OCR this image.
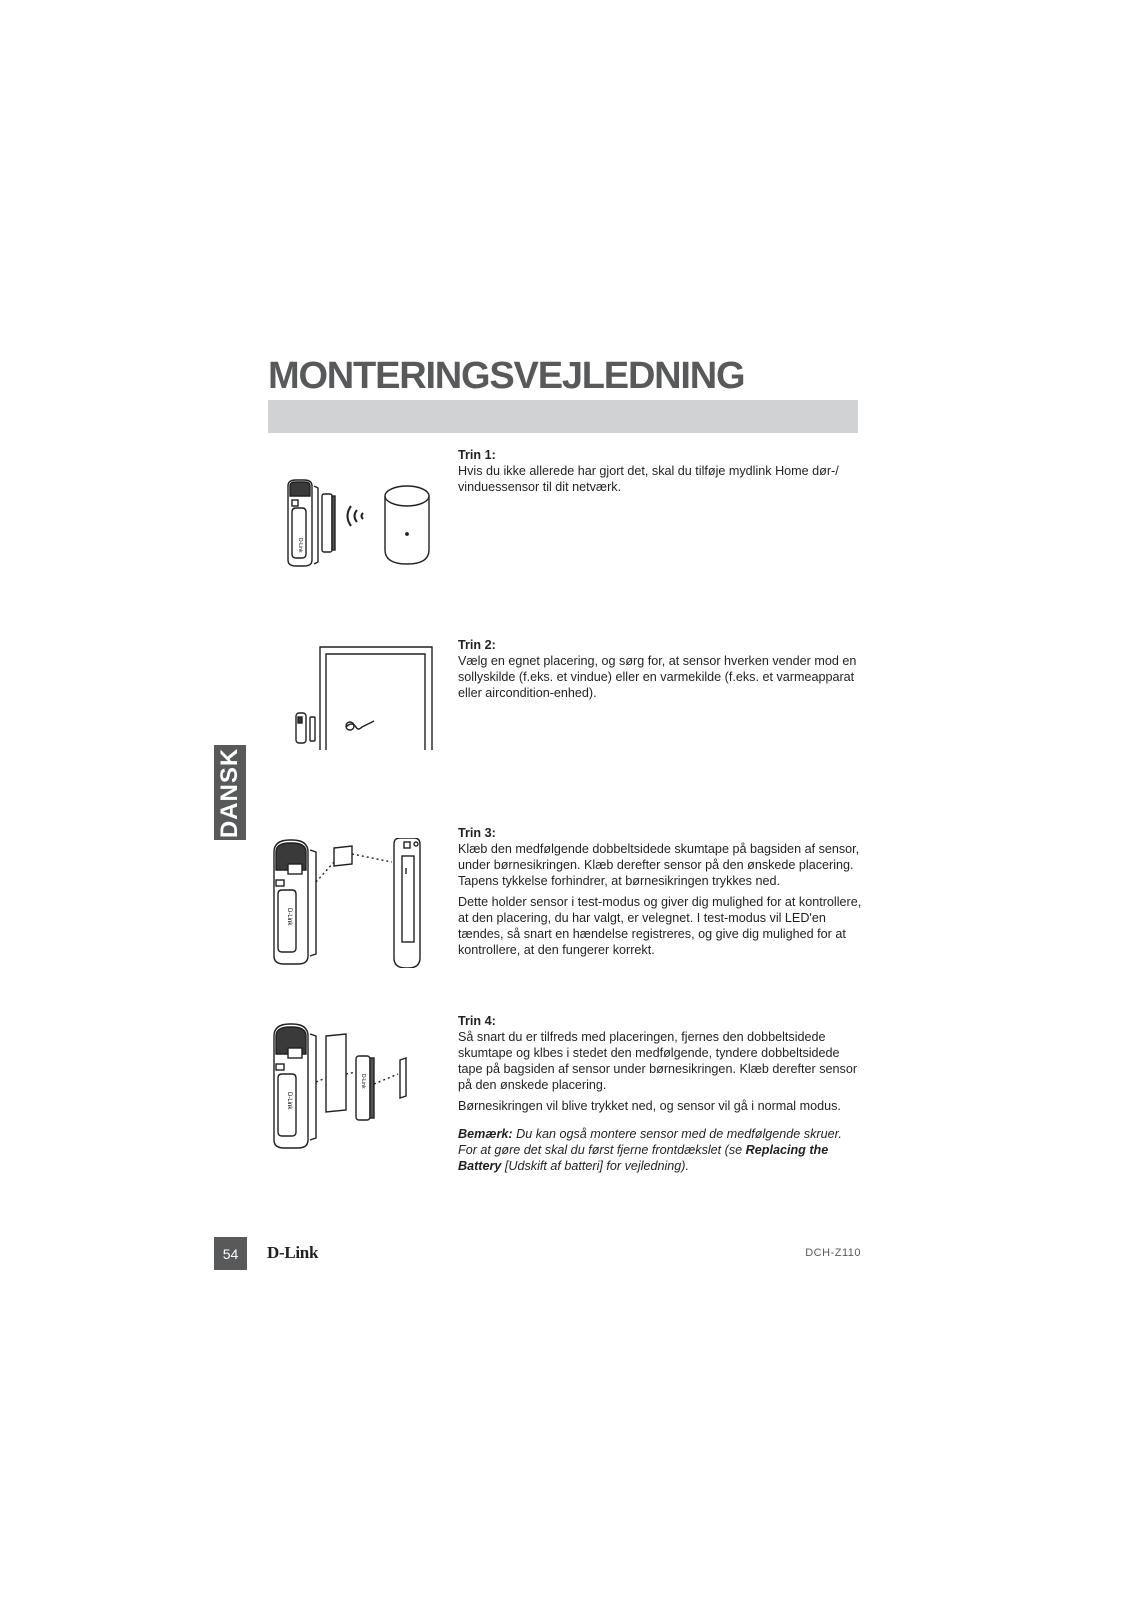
MONTERINGSVEJLEDNING
DANSK
D-Link
D-Link
D-Link
D-Link
Trin 1:

Hvis du ikke allerede har gjort det, skal du tilføje mydlink Home dør-/ vinduessensor til dit netværk.

Trin 2:

Vælg en egnet placering, og sørg for, at sensor hverken vender mod en sollyskilde (f.eks. et vindue) eller en varmekilde (f.eks. et varmeapparat eller aircondition-enhed).

Trin 3:

Klæb den medfølgende dobbeltsidede skumtape på bagsiden af sensor, under børnesikringen. Klæb derefter sensor på den ønskede placering. Tapens tykkelse forhindrer, at børnesikringen trykkes ned.

Dette holder sensor i test-modus og giver dig mulighed for at kontrollere, at den placering, du har valgt, er velegnet. I test-modus vil LED'en tændes, så snart en hændelse registreres, og give dig mulighed for at kontrollere, at den fungerer korrekt.

Trin 4:

Så snart du er tilfreds med placeringen, fjernes den dobbeltsidede skumtape og klbes i stedet den medfølgende, tyndere dobbeltsidede tape på bagsiden af sensor under børnesikringen. Klæb derefter sensor på den ønskede placering.

Børnesikringen vil blive trykket ned, og sensor vil gå i normal modus.

Bemærk: Du kan også montere sensor med de medfølgende skruer. For at gøre det skal du først fjerne frontdækslet (se Replacing the Battery [Udskift af batteri] for vejledning).

54	D-Link	DCH-Z110
